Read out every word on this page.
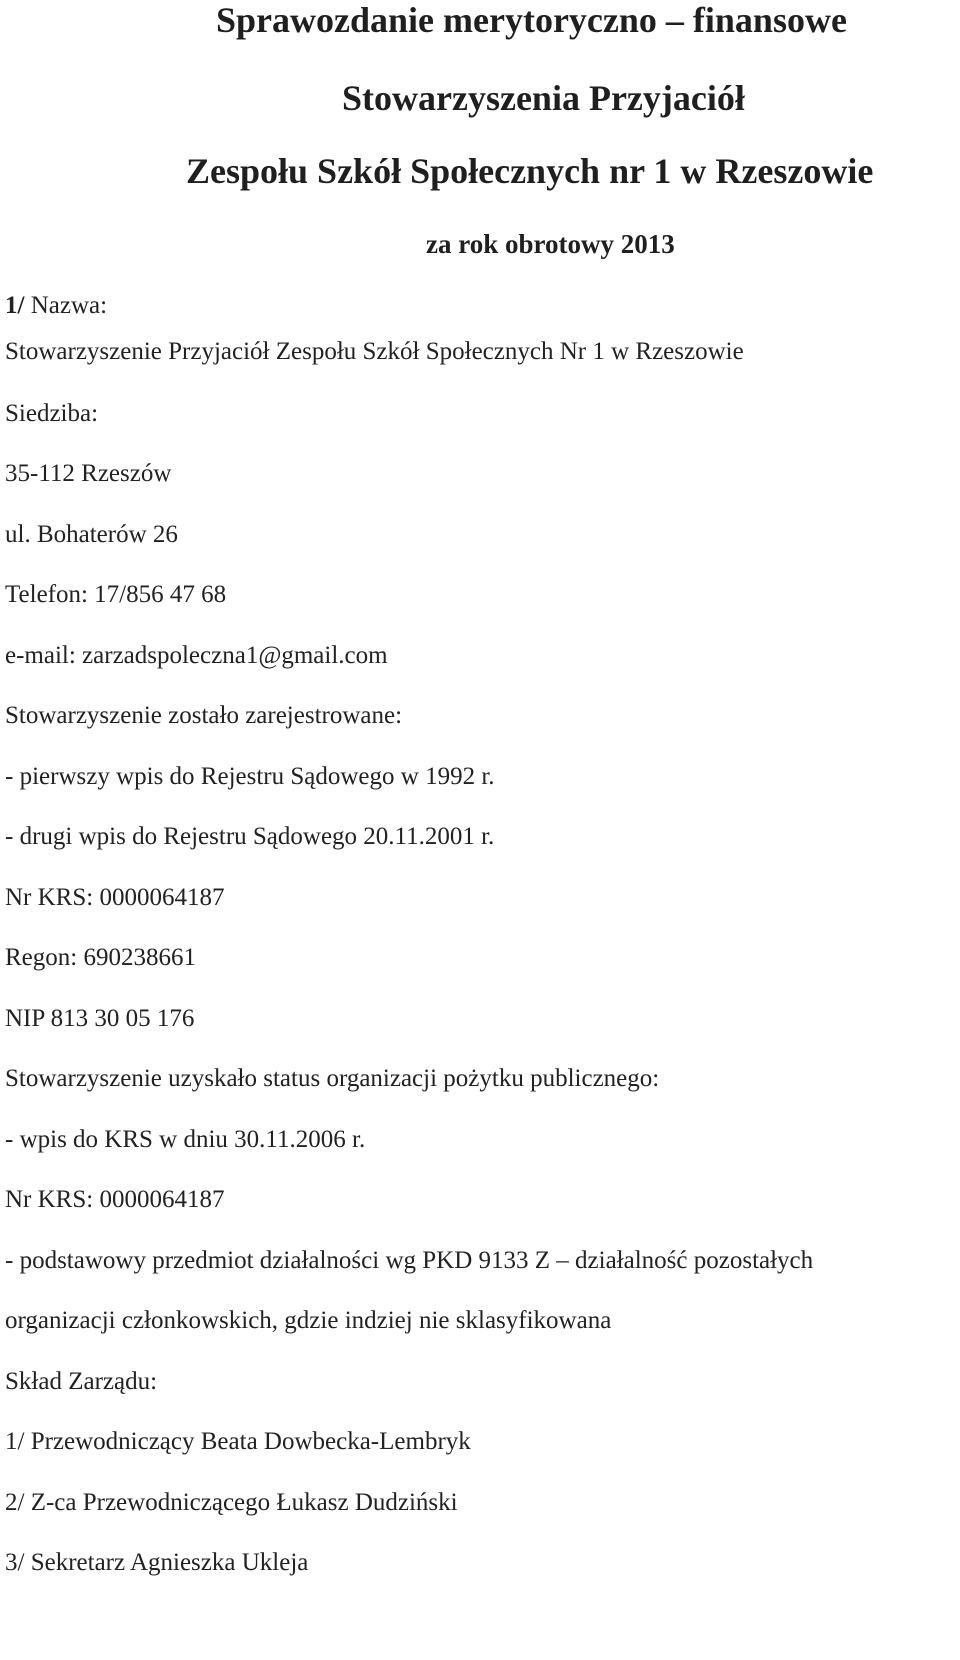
Sprawozdanie merytoryczno – finansowe
Stowarzyszenia Przyjaciół
Zespołu Szkół Społecznych nr 1 w Rzeszowie
za rok obrotowy 2013
1/ Nazwa:
Stowarzyszenie Przyjaciół Zespołu Szkół Społecznych Nr 1 w Rzeszowie
Siedziba:
35-112 Rzeszów
ul. Bohaterów 26
Telefon: 17/856 47 68
e-mail: zarzadspoleczna1@gmail.com
Stowarzyszenie zostało zarejestrowane:
- pierwszy wpis do Rejestru Sądowego w 1992 r.
- drugi wpis do Rejestru Sądowego 20.11.2001 r.
Nr KRS: 0000064187
Regon: 690238661
NIP 813 30 05 176
Stowarzyszenie uzyskało status organizacji pożytku publicznego:
- wpis do KRS w dniu 30.11.2006 r.
Nr KRS: 0000064187
- podstawowy przedmiot działalności wg PKD 9133 Z – działalność pozostałych
organizacji członkowskich, gdzie indziej nie sklasyfikowana
Skład Zarządu:
1/ Przewodniczący Beata Dowbecka-Lembryk
2/ Z-ca Przewodniczącego Łukasz Dudziński
3/ Sekretarz Agnieszka Ukleja
